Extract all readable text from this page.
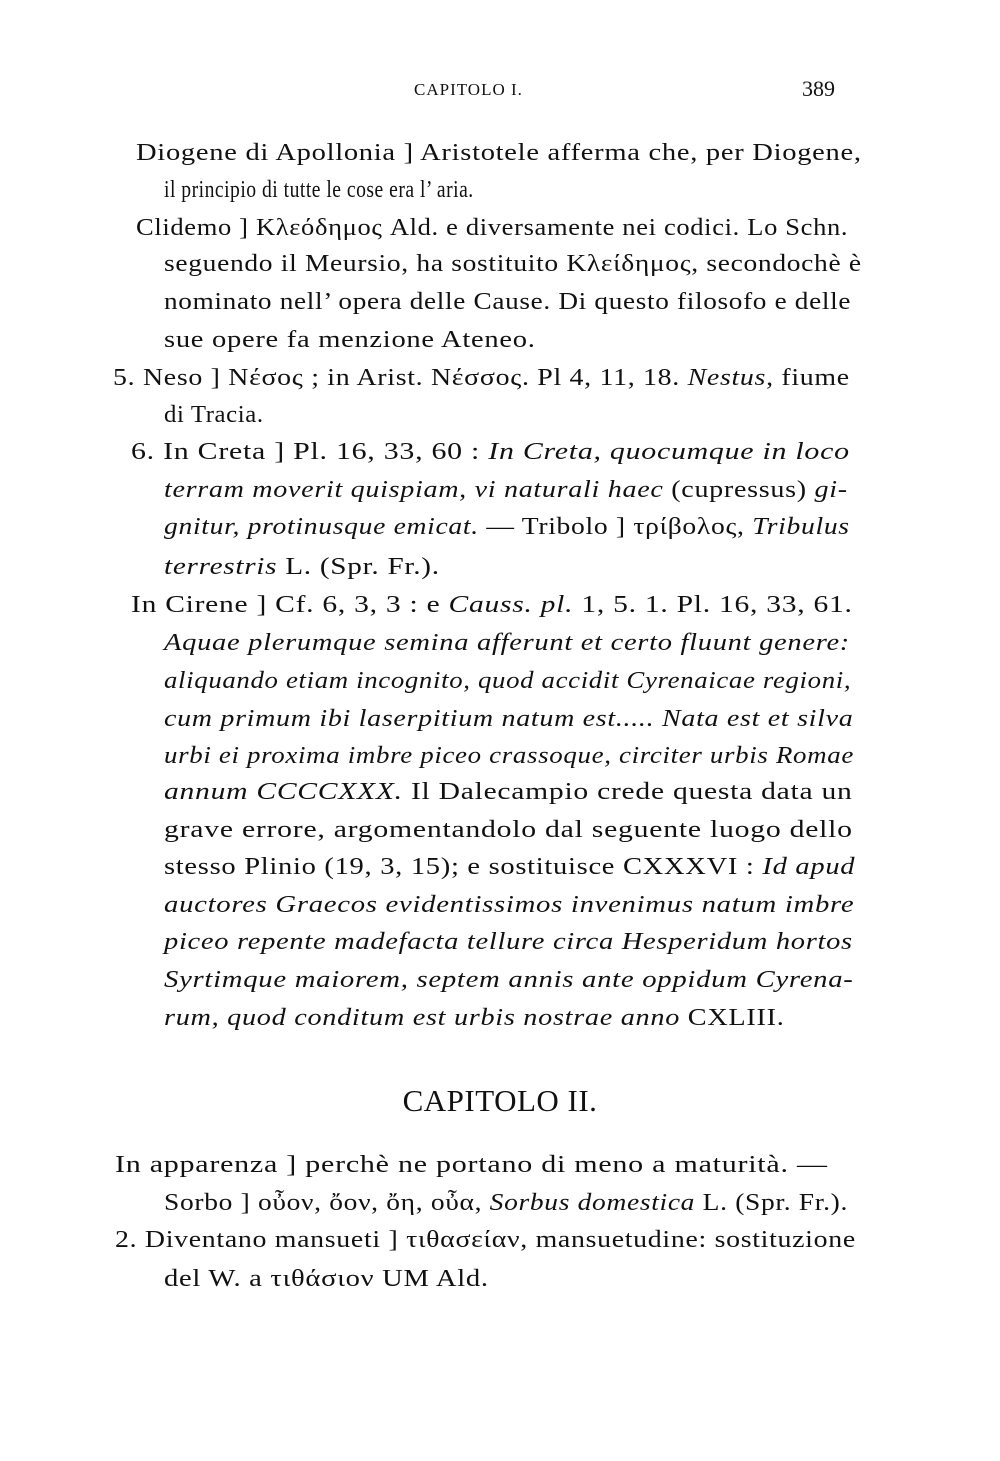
CAPITOLO I.	389
Diogene di Apollonia ] Aristotele afferma che, per Diogene,
il principio di tutte le cose era l’ aria.
Clidemo ] Κλεόδημος Ald. e diversamente nei codici. Lo Schn.
seguendo il Meursio, ha sostituito Κλείδημος, secondochè è
nominato nell’ opera delle Cause. Di questo filosofo e delle
sue opere fa menzione Ateneo.
5. Neso ] Νέσος ; in Arist. Νέσσος. Pl 4, 11, 18. Nestus, fiume
di Tracia.
6. In Creta ] Pl. 16, 33, 60 : In Creta, quocumque in loco
terram moverit quispiam, vi naturali haec (cupressus) gi-
gnitur, protinusque emicat. — Tribolo ] τρίβολος, Tribulus
terrestris L. (Spr. Fr.).
In Cirene ] Cf. 6, 3, 3 : e Causs. pl. 1, 5. 1. Pl. 16, 33, 61.
Aquae plerumque semina afferunt et certo fluunt genere:
aliquando etiam incognito, quod accidit Cyrenaicae regioni,
cum primum ibi laserpitium natum est..... Nata est et silva
urbi ei proxima imbre piceo crassoque, circiter urbis Romae
annum CCCCXXX. Il Dalecampio crede questa data un
grave errore, argomentandolo dal seguente luogo dello
stesso Plinio (19, 3, 15); e sostituisce CXXXVI : Id apud
auctores Graecos evidentissimos invenimus natum imbre
piceo repente madefacta tellure circa Hesperidum hortos
Syrtimque maiorem, septem annis ante oppidum Cyrena-
rum, quod conditum est urbis nostrae anno CXLIII.
In apparenza ] perchè ne portano di meno a maturità. —
Sorbo ] οὖον, ὄον, ὄη, οὖα, Sorbus domestica L. (Spr. Fr.).
2. Diventano mansueti ] τιθασείαν, mansuetudine: sostituzione
del W. a τιθάσιον UM Ald.
CAPITOLO II.
